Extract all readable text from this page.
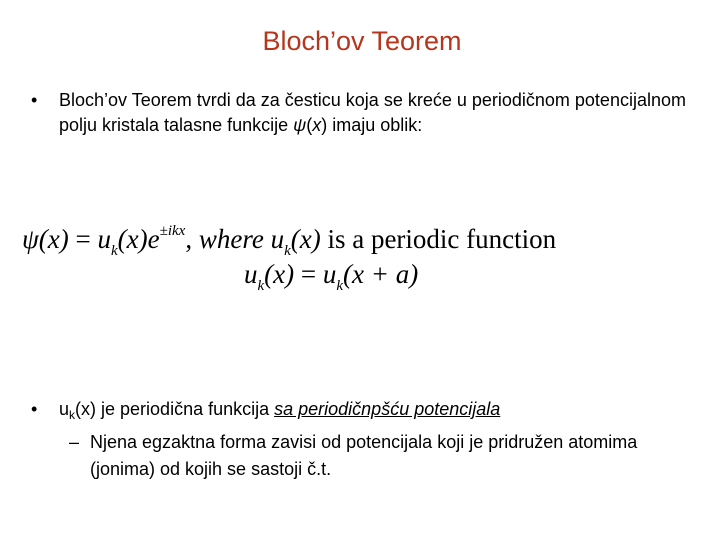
Bloch’ov Teorem
• Bloch’ov Teorem tvrdi da za česticu koja se kreće u periodičnom potencijalnom polju kristala talasne funkcije ψ(x) imaju oblik:
$\psi(x) = u_k(x)e^{\pm ikx}$, where $u_k(x)$ is a periodic function
$u_k(x) = u_k(x + a)$
• $u_k(x)$ je periodična funkcija sa periodičnpšću potencijala
– Njena egzaktna forma zavisi od potencijala koji je pridružen atomima (jonima) od kojih se sastoji č.t.
